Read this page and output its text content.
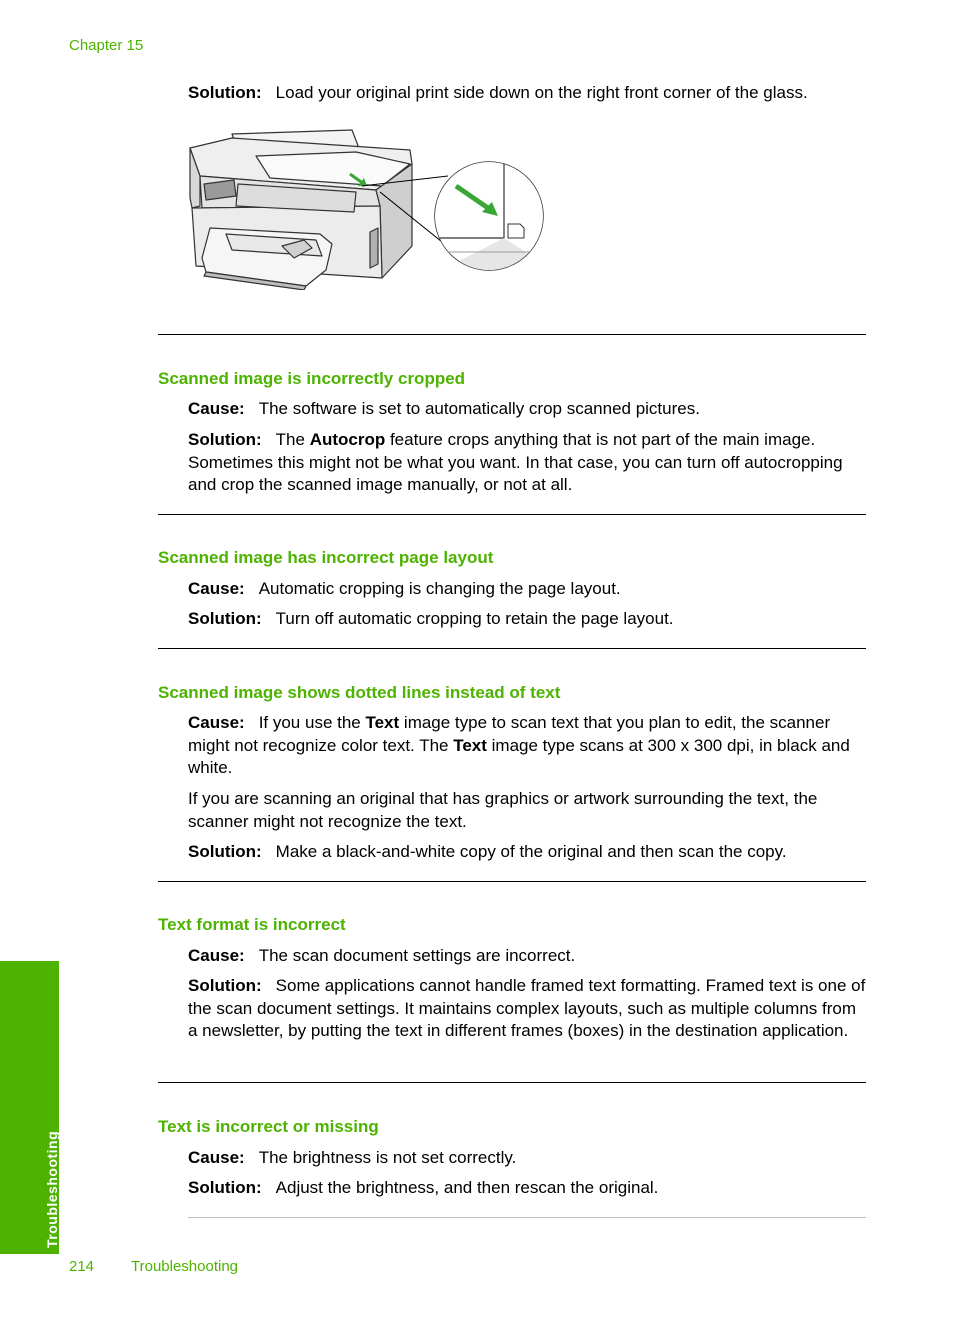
Chapter 15

Solution: Load your original print side down on the right front corner of the glass.

Scanned image is incorrectly cropped

Cause: The software is set to automatically crop scanned pictures.

Solution: The Autocrop feature crops anything that is not part of the main image. Sometimes this might not be what you want. In that case, you can turn off autocropping and crop the scanned image manually, or not at all.

Scanned image has incorrect page layout

Cause: Automatic cropping is changing the page layout.

Solution: Turn off automatic cropping to retain the page layout.

Scanned image shows dotted lines instead of text

Cause: If you use the Text image type to scan text that you plan to edit, the scanner might not recognize color text. The Text image type scans at 300 x 300 dpi, in black and white.

If you are scanning an original that has graphics or artwork surrounding the text, the scanner might not recognize the text.

Solution: Make a black-and-white copy of the original and then scan the copy.

Text format is incorrect

Cause: The scan document settings are incorrect.

Solution: Some applications cannot handle framed text formatting. Framed text is one of the scan document settings. It maintains complex layouts, such as multiple columns from a newsletter, by putting the text in different frames (boxes) in the destination application.

Text is incorrect or missing

Cause: The brightness is not set correctly.

Solution: Adjust the brightness, and then rescan the original.

Troubleshooting
214 Troubleshooting
